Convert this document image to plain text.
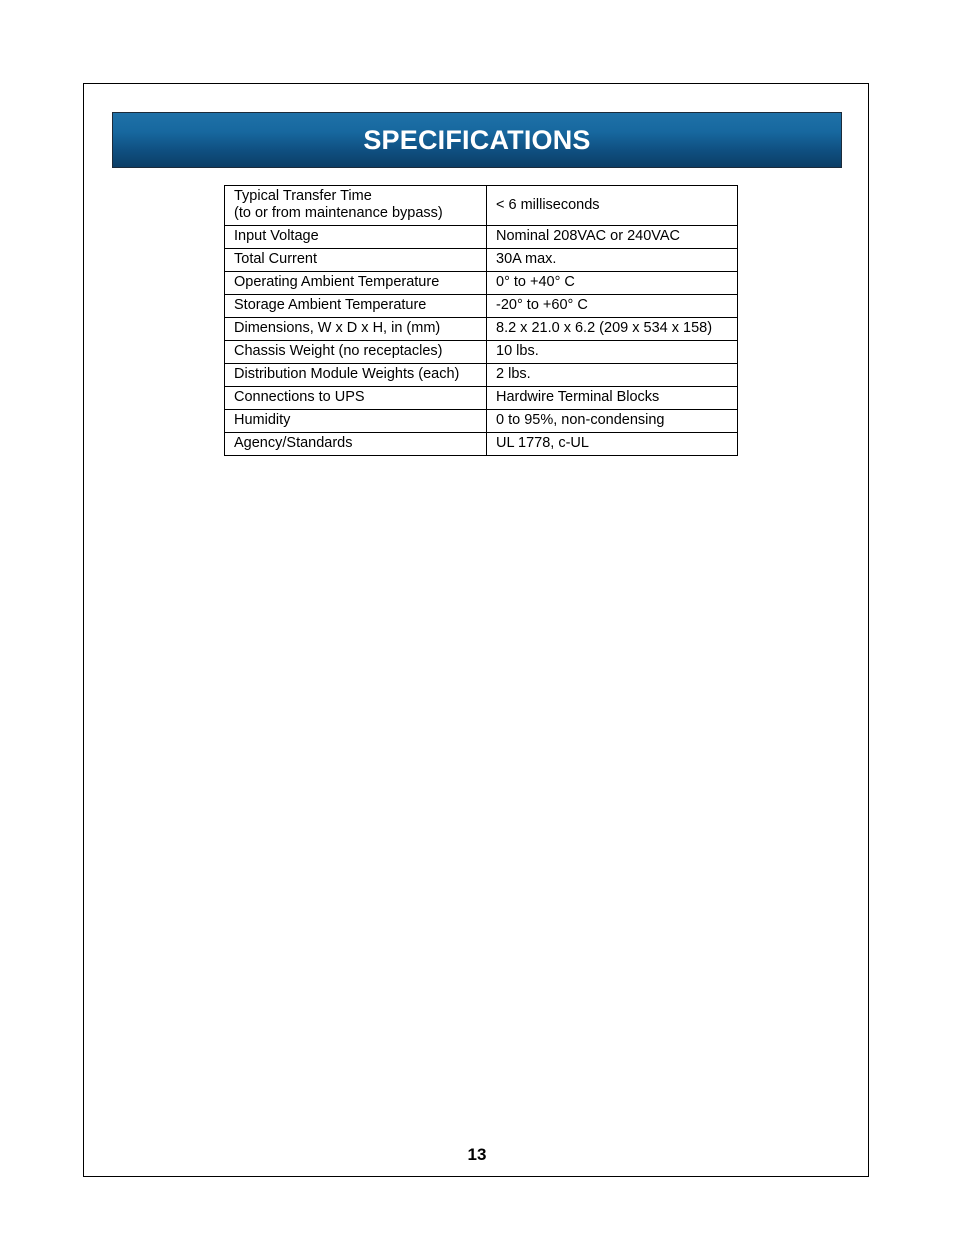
SPECIFICATIONS
Typical Transfer Time
(to or from maintenance bypass)	< 6 milliseconds

Input Voltage	Nominal 208VAC or 240VAC

Total Current	30A max.

Operating Ambient Temperature	0° to +40° C

Storage Ambient Temperature	-20° to +60° C

Dimensions, W x D x H, in (mm)	8.2 x 21.0 x 6.2 (209 x 534 x 158)

Chassis Weight (no receptacles)	10 lbs.

Distribution Module Weights (each)	2 lbs.

Connections to UPS	Hardwire Terminal Blocks

Humidity	0 to 95%, non-condensing

Agency/Standards	UL 1778, c-UL
13
